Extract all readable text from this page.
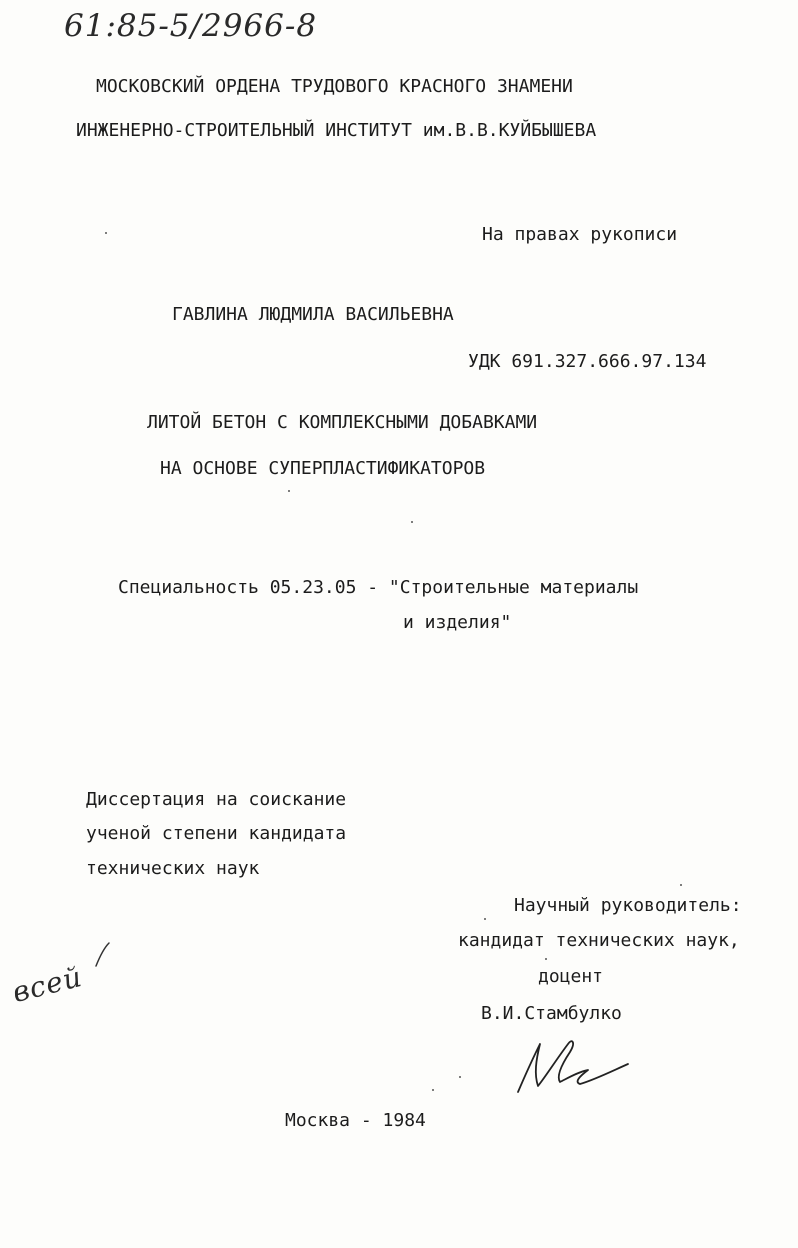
61:85-5/2966-8
МОСКОВСКИЙ ОРДЕНА ТРУДОВОГО КРАСНОГО ЗНАМЕНИ
ИНЖЕНЕРНО-СТРОИТЕЛЬНЫЙ ИНСТИТУТ им.В.В.КУЙБЫШЕВА
На правах рукописи
ГАВЛИНА ЛЮДМИЛА ВАСИЛЬЕВНА
УДК 691.327.666.97.134
ЛИТОЙ БЕТОН С КОМПЛЕКСНЫМИ ДОБАВКАМИ
НА ОСНОВЕ СУПЕРПЛАСТИФИКАТОРОВ
Специальность 05.23.05 - "Строительные материалы
и изделия"
Диссертация на соискание
ученой степени кандидата
технических наук
Научный руководитель:
кандидат технических наук,
доцент
В.И.Стамбулко
всей
Москва - 1984
